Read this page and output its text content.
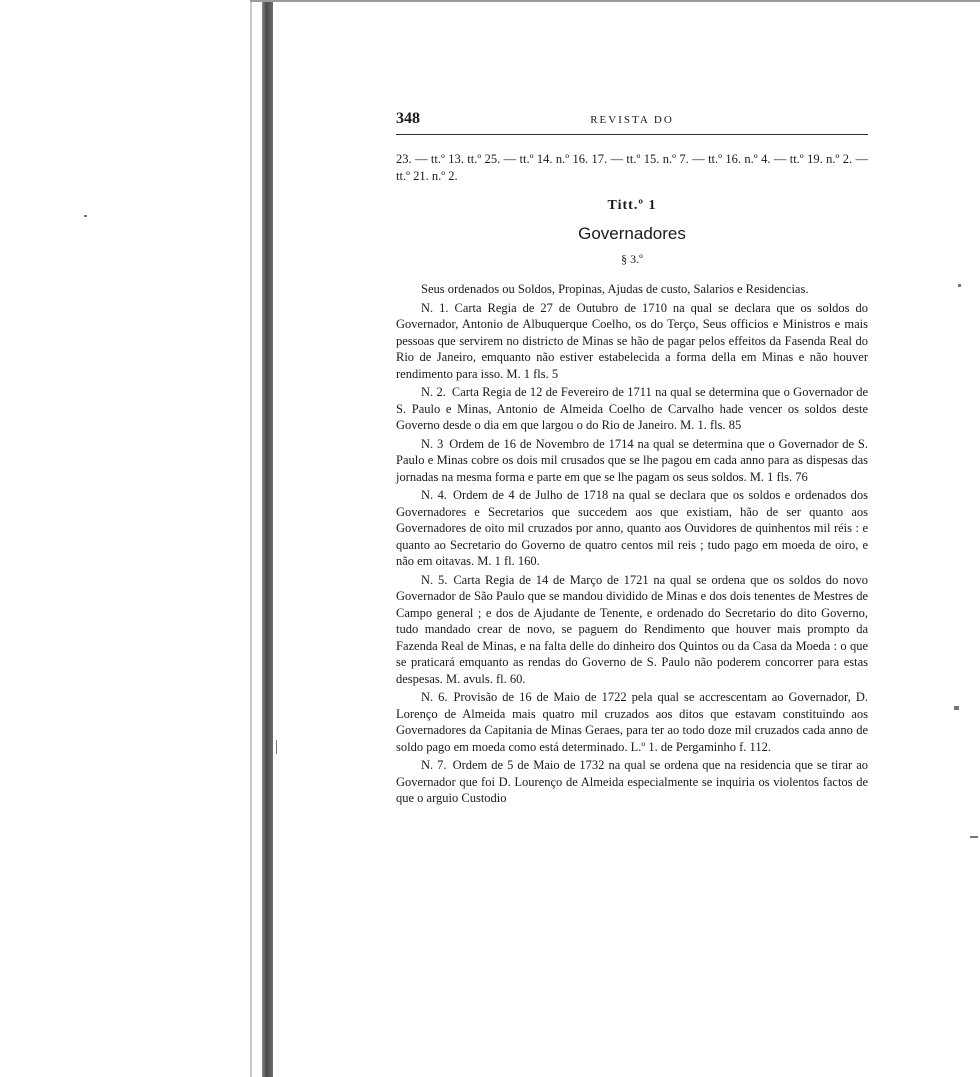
348	REVISTA DO
23. — tt.º 13. tt.º 25. — tt.º 14. n.º 16. 17. — tt.º 15. n.º 7. — tt.º 16. n.º 4. — tt.º 19. n.º 2. — tt.º 21. n.º 2.
Titt.º 1
Governadores
§ 3.º
Seus ordenados ou Soldos, Propinas, Ajudas de custo, Salarios e Residencias.
N. 1. Carta Regia de 27 de Outubro de 1710 na qual se declara que os soldos do Governador, Antonio de Albuquerque Coelho, os do Terço, Seus officios e Ministros e mais pessoas que servirem no districto de Minas se hão de pagar pelos effeitos da Fasenda Real do Rio de Janeiro, emquanto não estiver estabelecida a forma della em Minas e não houver rendimento para isso. M. 1 fls. 5
N. 2. Carta Regia de 12 de Fevereiro de 1711 na qual se determina que o Governador de S. Paulo e Minas, Antonio de Almeida Coelho de Carvalho hade vencer os soldos deste Governo desde o dia em que largou o do Rio de Janeiro. M. 1. fls. 85
N. 3 Ordem de 16 de Novembro de 1714 na qual se determina que o Governador de S. Paulo e Minas cobre os dois mil crusados que se lhe pagou em cada anno para as dispesas das jornadas na mesma forma e parte em que se lhe pagam os seus soldos. M. 1 fls. 76
N. 4. Ordem de 4 de Julho de 1718 na qual se declara que os soldos e ordenados dos Governadores e Secretarios que succedem aos que existiam, hão de ser quanto aos Governadores de oito mil cruzados por anno, quanto aos Ouvidores de quinhentos mil réis : e quanto ao Secretario do Governo de quatro centos mil reis ; tudo pago em moeda de oiro, e não em oitavas. M. 1 fl. 160.
N. 5. Carta Regia de 14 de Março de 1721 na qual se ordena que os soldos do novo Governador de São Paulo que se mandou dividido de Minas e dos dois tenentes de Mestres de Campo general ; e dos de Ajudante de Tenente, e ordenado do Secretario do dito Governo, tudo mandado crear de novo, se paguem do Rendimento que houver mais prompto da Fazenda Real de Minas, e na falta delle do dinheiro dos Quintos ou da Casa da Moeda : o que se praticará emquanto as rendas do Governo de S. Paulo não poderem concorrer para estas despesas. M. avuls. fl. 60.
N. 6. Provisão de 16 de Maio de 1722 pela qual se accrescentam ao Governador, D. Lorenço de Almeida mais quatro mil cruzados aos ditos que estavam constituindo aos Governadores da Capitania de Minas Geraes, para ter ao todo doze mil cruzados cada anno de soldo pago em moeda como está determinado. L.º 1. de Pergaminho f. 112.
N. 7. Ordem de 5 de Maio de 1732 na qual se ordena que na residencia que se tirar ao Governador que foi D. Lourenço de Almeida especialmente se inquiria os violentos factos de que o arguio Custodio
